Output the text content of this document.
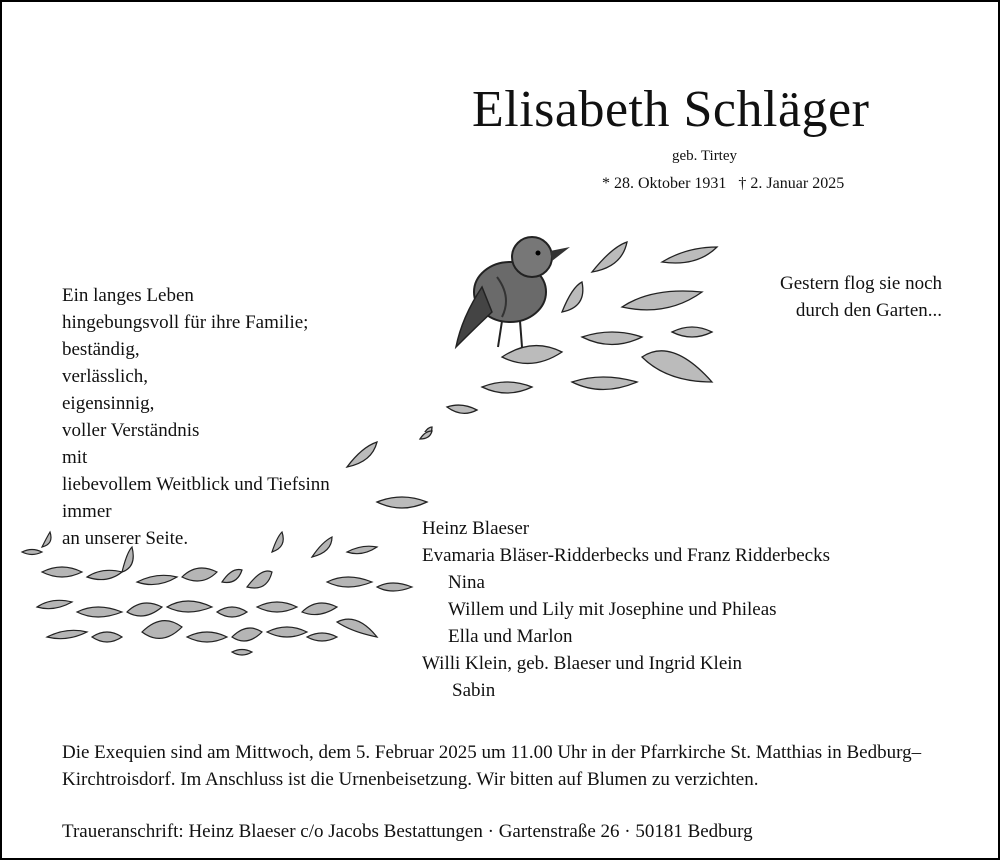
Elisabeth Schläger
geb. Tirtey
* 28. Oktober 1931   † 2. Januar 2025
Ein langes Leben
hingebungsvoll für ihre Familie;
beständig,
verlässlich,
eigensinnig,
voller Verständnis
mit
liebevollem Weitblick und Tiefsinn
immer
an unserer Seite.
Gestern flog sie noch
durch den Garten...
Heinz Blaeser
Evamaria Bläser-Ridderbecks und Franz Ridderbecks
Nina
Willem und Lily mit Josephine und Phileas
Ella und Marlon
Willi Klein, geb. Blaeser und Ingrid Klein
Sabin
Die Exequien sind am Mittwoch, dem 5. Februar 2025 um 11.00 Uhr in der Pfarrkirche St. Matthias in Bedburg–Kirchtroisdorf. Im Anschluss ist die Urnenbeisetzung. Wir bitten auf Blumen zu verzichten.
Traueranschrift: Heinz Blaeser c/o Jacobs Bestattungen · Gartenstraße 26 · 50181 Bedburg
